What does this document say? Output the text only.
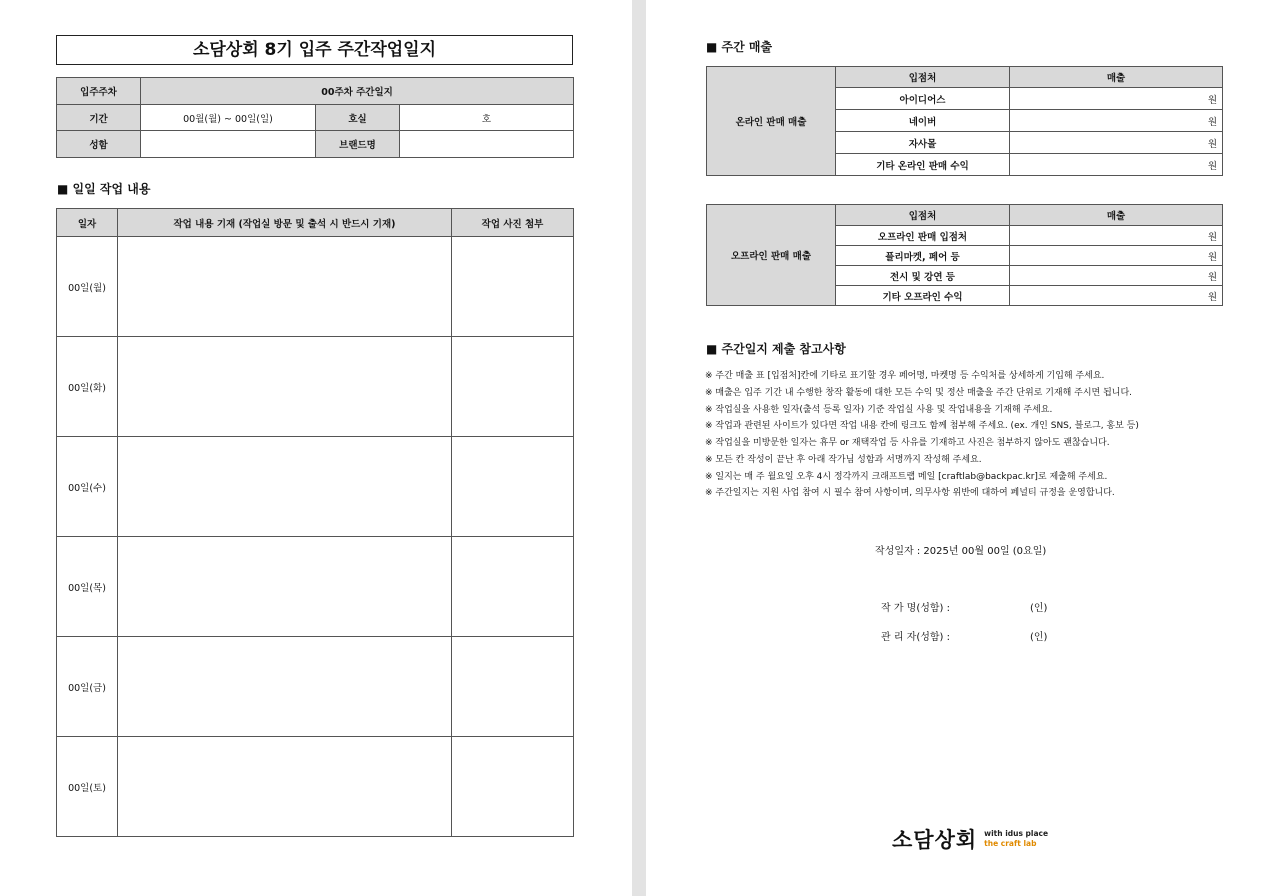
소담상회 8기 입주 주간작업일지
입주주차	00주차 주간일지		
기간	00월(월) ~ 00일(일)	호실	호
성함		브랜드명	
■ 일일 작업 내용
일자	작업 내용 기재 (작업실 방문 및 출석 시 반드시 기재)	작업 사진 첨부
00일(월)		
00일(화)		
00일(수)		
00일(목)		
00일(금)		
00일(토)		
■ 주간 매출
온라인 판매 매출	입점처	매출
	아이디어스	원
	네이버	원
	자사몰	원
	기타 온라인 판매 수익	원
오프라인 판매 매출	입점처	매출
	오프라인 판매 입점처	원
	플리마켓, 페어 등	원
	전시 및 강연 등	원
	기타 오프라인 수익	원
■ 주간일지 제출 참고사항
※ 주간 매출 표 [입점처]칸에 기타로 표기할 경우 페어명, 마켓명 등 수익처를 상세하게 기입해 주세요.
※ 매출은 입주 기간 내 수행한 창작 활동에 대한 모든 수익 및 정산 매출을 주간 단위로 기재해 주시면 됩니다.
※ 작업실을 사용한 일자(출석 등록 일자) 기준 작업실 사용 및 작업내용을 기재해 주세요.
※ 작업과 관련된 사이트가 있다면 작업 내용 칸에 링크도 함께 첨부해 주세요. (ex. 개인 SNS, 블로그, 홍보 등)
※ 작업실을 미방문한 일자는 휴무 or 재택작업 등 사유를 기재하고 사진은 첨부하지 않아도 괜찮습니다.
※ 모든 칸 작성이 끝난 후 아래 작가님 성함과 서명까지 작성해 주세요.
※ 일지는 매 주 월요일 오후 4시 정각까지 크래프트랩 메일 [craftlab@backpac.kr]로 제출해 주세요.
※ 주간일지는 지원 사업 참여 시 필수 참여 사항이며, 의무사항 위반에 대하여 페널티 규정을 운영합니다.
작성일자 : 2025년 00월 00일 (0요일)
작 가 명(성함) :	(인)
관 리 자(성함) :	(인)
소담상회 with idus place
the craft lab
